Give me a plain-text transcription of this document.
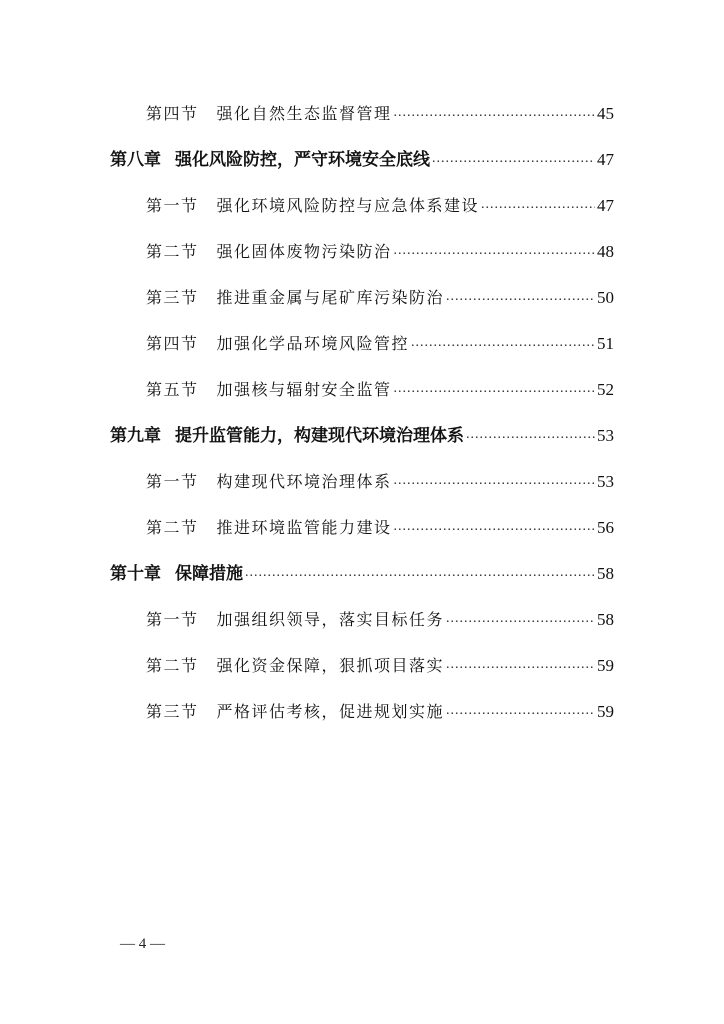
第四节 强化自然生态监督管理 .....	45
第八章 强化风险防控，严守环境安全底线 .....	47
第一节 强化环境风险防控与应急体系建设 .....	47
第二节 强化固体废物污染防治 .....	48
第三节 推进重金属与尾矿库污染防治 .....	50
第四节 加强化学品环境风险管控 .....	51
第五节 加强核与辐射安全监管 .....	52
第九章 提升监管能力，构建现代环境治理体系 .....	53
第一节 构建现代环境治理体系 .....	53
第二节 推进环境监管能力建设 .....	56
第十章 保障措施 .....	58
第一节 加强组织领导，落实目标任务 .....	58
第二节 强化资金保障，狠抓项目落实 .....	59
第三节 严格评估考核，促进规划实施 .....	59
— 4 —
